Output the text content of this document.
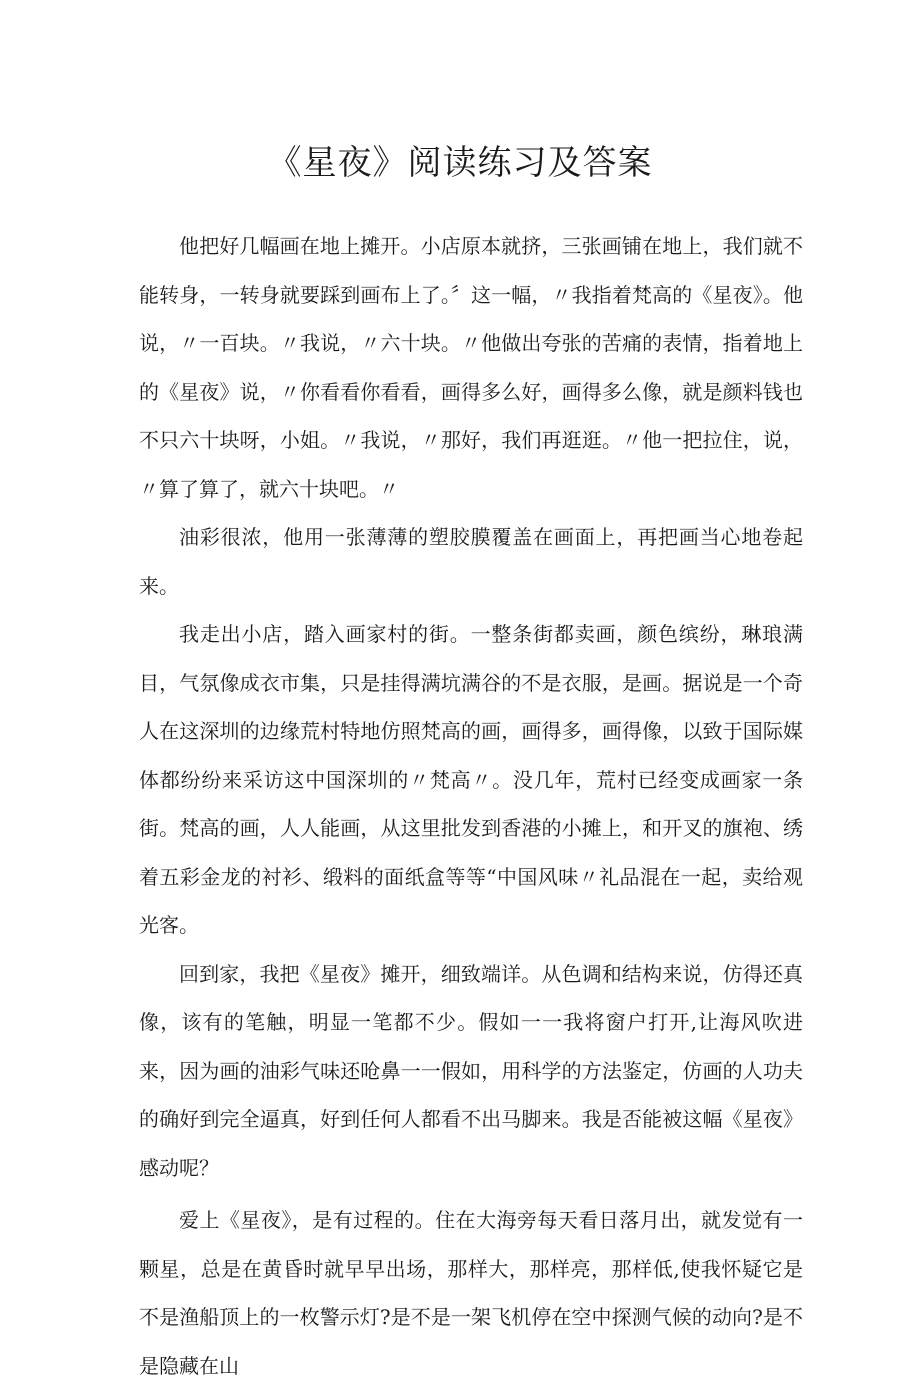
《星夜》阅读练习及答案

他把好几幅画在地上摊开。小店原本就挤，三张画铺在地上，我们就不能转身，一转身就要踩到画布上了。〞这一幅，〃我指着梵高的《星夜》。他说，〃一百块。〃我说，〃六十块。〃他做出夸张的苦痛的表情，指着地上的《星夜》说，〃你看看你看看，画得多么好，画得多么像，就是颜料钱也不只六十块呀，小姐。〃我说，〃那好，我们再逛逛。〃他一把拉住，说，〃算了算了，就六十块吧。〃

油彩很浓，他用一张薄薄的塑胶膜覆盖在画面上，再把画当心地卷起来。

我走出小店，踏入画家村的街。一整条街都卖画，颜色缤纷，琳琅满目，气氛像成衣市集，只是挂得满坑满谷的不是衣服，是画。据说是一个奇人在这深圳的边缘荒村特地仿照梵高的画，画得多，画得像，以致于国际媒体都纷纷来采访这中国深圳的〃梵高〃。没几年，荒村已经变成画家一条街。梵高的画，人人能画，从这里批发到香港的小摊上，和开叉的旗袍、绣着五彩金龙的衬衫、缎料的面纸盒等等“中国风味〃礼品混在一起，卖给观光客。

回到家，我把《星夜》摊开，细致端详。从色调和结构来说，仿得还真像，该有的笔触，明显一笔都不少。假如一一我将窗户打开,让海风吹进来，因为画的油彩气味还呛鼻一一假如，用科学的方法鉴定，仿画的人功夫的确好到完全逼真，好到任何人都看不出马脚来。我是否能被这幅《星夜》感动呢？

爱上《星夜》，是有过程的。住在大海旁每天看日落月出，就发觉有一颗星，总是在黄昏时就早早出场，那样大，那样亮，那样低,使我怀疑它是不是渔船顶上的一枚警示灯?是不是一架飞机停在空中探测气候的动向?是不是隐藏在山
